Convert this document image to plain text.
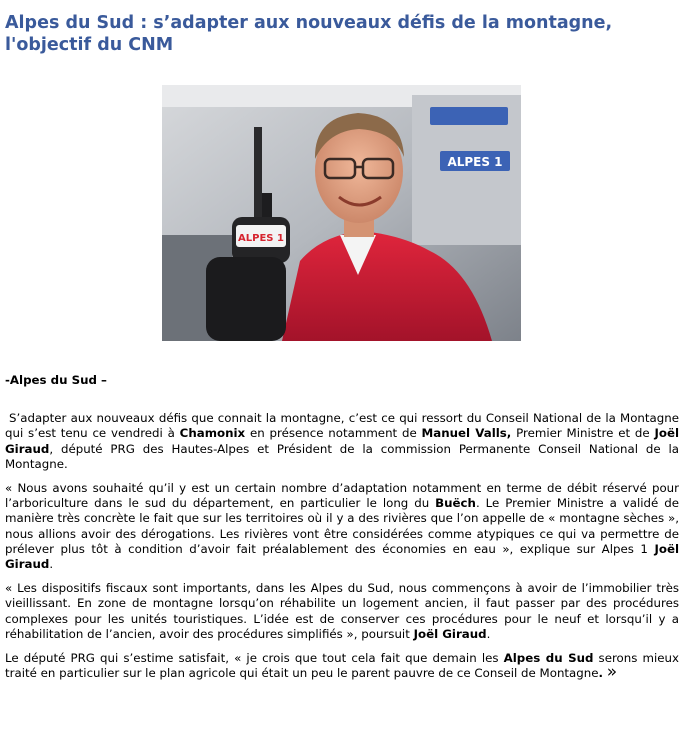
Alpes du Sud : s’adapter aux nouveaux défis de la montagne,
l'objectif du CNM
ALPES 1
ALPES 1

-Alpes du Sud –

S’adapter aux nouveaux défis que connait la montagne, c’est ce qui ressort du Conseil National de la Montagne qui s’est tenu ce vendredi à Chamonix en présence notamment de Manuel Valls, Premier Ministre et de Joël Giraud, député PRG des Hautes-Alpes et Président de la commission Permanente Conseil National de la Montagne.

« Nous avons souhaité qu’il y est un certain nombre d’adaptation notamment en terme de débit réservé pour l’arboriculture dans le sud du département, en particulier le long du Buëch. Le Premier Ministre a validé de manière très concrète le fait que sur les territoires où il y a des rivières que l’on appelle de « montagne sèches », nous allions avoir des dérogations. Les rivières vont être considérées comme atypiques ce qui va permettre de prélever plus tôt à condition d’avoir fait préalablement des économies en eau », explique sur Alpes 1 Joël Giraud.

« Les dispositifs fiscaux sont importants, dans les Alpes du Sud, nous commençons à avoir de l’immobilier très vieillissant. En zone de montagne lorsqu’on réhabilite un logement ancien, il faut passer par des procédures complexes pour les unités touristiques. L’idée est de conserver ces procédures pour le neuf et lorsqu’il y a réhabilitation de l’ancien, avoir des procédures simplifiés », poursuit Joël Giraud.

Le député PRG qui s’estime satisfait, « je crois que tout cela fait que demain les Alpes du Sud serons mieux traité en particulier sur le plan agricole qui était un peu le parent pauvre de ce Conseil de Montagne. »
